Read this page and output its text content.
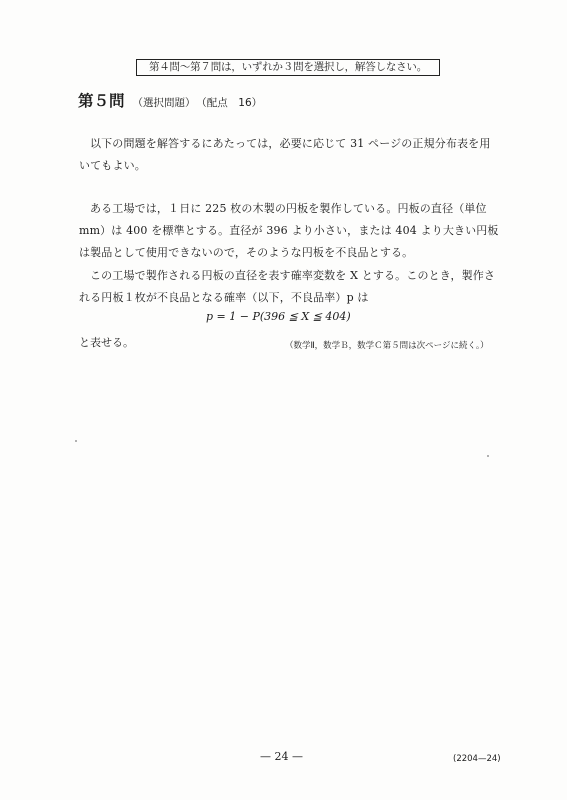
第４問～第７問は，いずれか３問を選択し，解答しなさい。
第５問 （選択問題） （配点　16）
以下の問題を解答するにあたっては，必要に応じて 31 ページの正規分布表を用いてもよい。
ある工場では，１日に 225 枚の木製の円板を製作している。円板の直径（単位 mm）は 400 を標準とする。直径が 396 より小さい，または 404 より大きい円板は製品として使用できないので，そのような円板を不良品とする。
この工場で製作される円板の直径を表す確率変数を X とする。このとき，製作される円板１枚が不良品となる確率（以下，不良品率）p は
p = 1 − P(396 ≦ X ≦ 404)
と表せる。	（数学Ⅱ，数学Ｂ，数学Ｃ第５問は次ページに続く。）
— 24 —	(2204—24)
